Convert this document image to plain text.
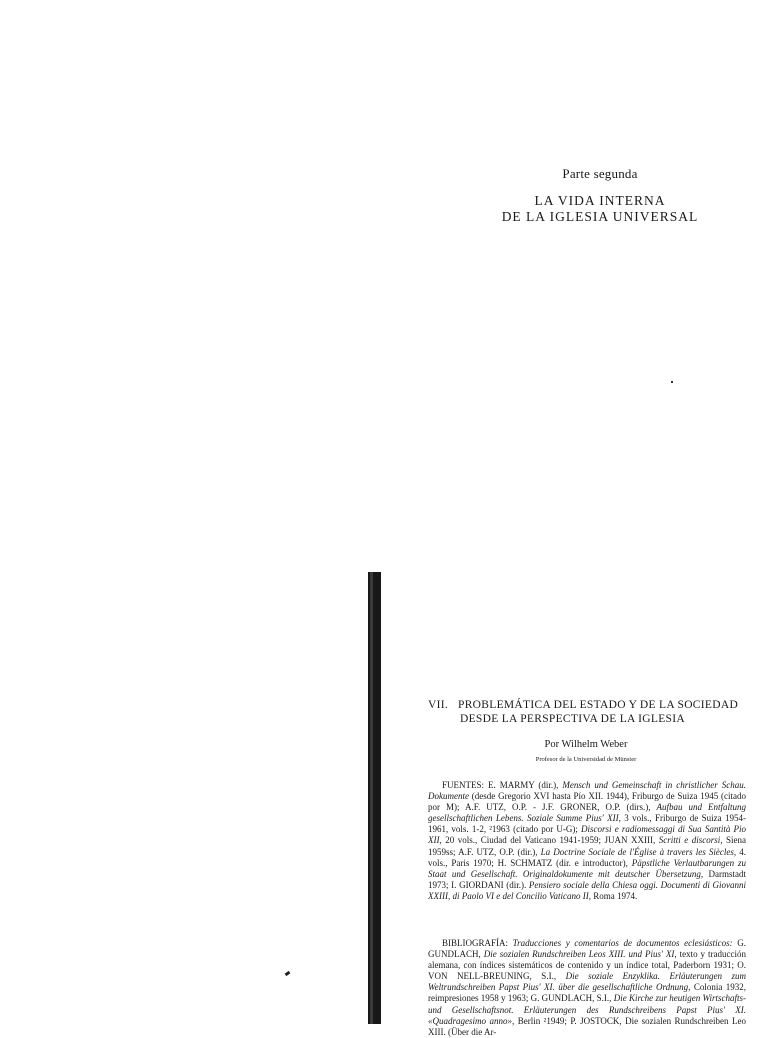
Parte segunda
LA VIDA INTERNA
DE LA IGLESIA UNIVERSAL
VII. PROBLEMÁTICA DEL ESTADO Y DE LA SOCIEDAD
DESDE LA PERSPECTIVA DE LA IGLESIA
Por Wilhelm Weber
Profesor de la Universidad de Münster
FUENTES: E. MARMY (dir.), Mensch und Gemeinschaft in christlicher Schau. Dokumente (desde Gregorio XVI hasta Pío XII. 1944), Friburgo de Suiza 1945 (citado por M); A.F. UTZ, O.P. - J.F. GRONER, O.P. (dirs.), Aufbau und Entfaltung gesellschaftlichen Lebens. Soziale Summe Pius' XII, 3 vols., Friburgo de Suiza 1954-1961, vols. 1-2, ²1963 (citado por U-G); Discorsi e radiomessaggi di Sua Santità Pio XII, 20 vols., Ciudad del Vaticano 1941-1959; JUAN XXIII, Scritti e discorsi, Siena 1959ss; A.F. UTZ, O.P. (dir.), La Doctrine Sociale de l'Église à travers les Siècles, 4. vols., Paris 1970; H. SCHMATZ (dir. e introductor), Päpstliche Verlautbarungen zu Staat und Gesellschaft. Originaldokumente mit deutscher Übersetzung, Darmstadt 1973; I. GIORDANI (dir.). Pensiero sociale della Chiesa oggi. Documenti di Giovanni XXIII, di Paolo VI e del Concilio Vaticano II, Roma 1974.
BIBLIOGRAFÍA: Traducciones y comentarios de documentos eclesiásticos: G. GUNDLACH, Die sozialen Rundschreiben Leos XIII. und Pius' XI, texto y traducción alemana, con índices sistemáticos de contenido y un índice total, Paderborn 1931; O. VON NELL-BREUNING, S.I., Die soziale Enzyklika. Erläuterungen zum Weltrundschreiben Papst Pius' XI. über die gesellschaftliche Ordnung, Colonia 1932, reimpresiones 1958 y 1963; G. GUNDLACH, S.I., Die Kirche zur heutigen Wirtschafts- und Gesellschaftsnot. Erläuterungen des Rundschreibens Papst Pius' XI. «Quadragesimo anno», Berlin ²1949; P. JOSTOCK, Die sozialen Rundschreiben Leo XIII. (Über die Ar-
